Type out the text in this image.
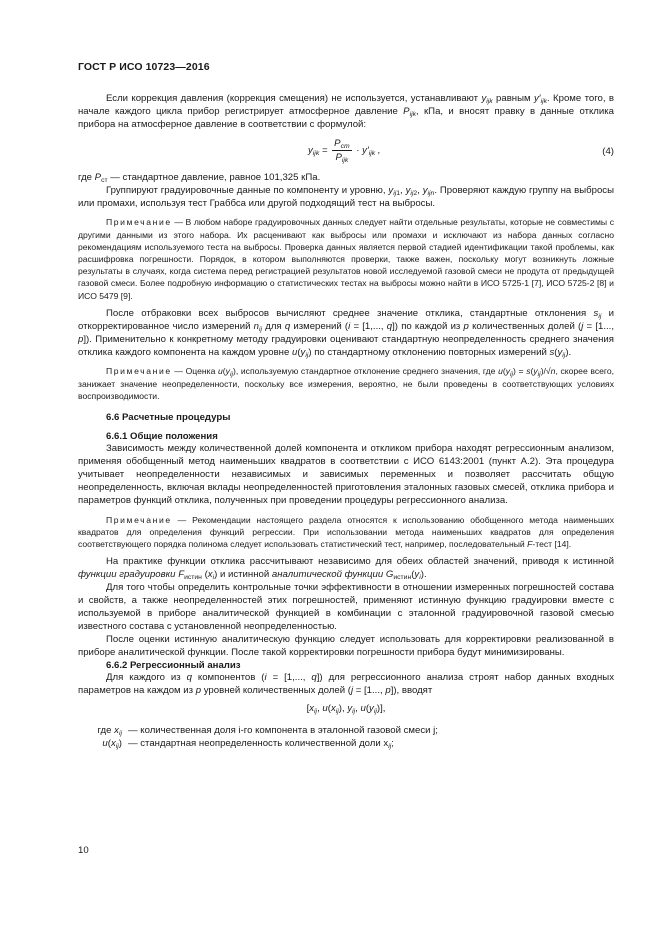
ГОСТ Р ИСО 10723—2016

Если коррекция давления (коррекция смещения) не используется, устанавливают $y_{ijk}$ равным $y'_{ijk}$. Кроме того, в начале каждого цикла прибор регистрирует атмосферное давление $P_{ijk}$, кПа, и вносят правку в данные отклика прибора на атмосферное давление в соответствии с формулой:

$y_{ijk} = \frac{P_{ст}}{P_{ijk}} \cdot y'_{ijk}$ ,	(4)

где $P_{ст}$ — стандартное давление, равное 101,325 кПа.

Группируют градуировочные данные по компоненту и уровню, $y_{ij1}$, $y_{ij2}$, $y_{ijn}$. Проверяют каждую группу на выбросы или промахи, используя тест Граббса или другой подходящий тест на выбросы.

Примечание — В любом наборе градуировочных данных следует найти отдельные результаты, которые не совместимы с другими данными из этого набора. Их расценивают как выбросы или промахи и исключают из набора данных согласно рекомендациям используемого теста на выбросы. Проверка данных является первой стадией идентификации такой проблемы, как расшифровка погрешности. Порядок, в котором выполняются проверки, также важен, поскольку могут возникнуть ложные результаты в случаях, когда система перед регистрацией результатов новой исследуемой газовой смеси не продута от предыдущей газовой смеси. Более подробную информацию о статистических тестах на выбросы можно найти в ИСО 5725-1 [7], ИСО 5725-2 [8] и ИСО 5479 [9].

После отбраковки всех выбросов вычисляют среднее значение отклика, стандартные отклонения $s_{ij}$ и откорректированное число измерений $n_{ij}$ для q измерений (i = [1,..., q]) по каждой из p количественных долей (j = [1..., p]). Применительно к конкретному методу градуировки оценивают стандартную неопределенность среднего значения отклика каждого компонента на каждом уровне $u(y_{ij})$ по стандартному отклонению повторных измерений $s(y_{ij})$.

Примечание — Оценка $u(y_{ij})$, используемую стандартное отклонение среднего значения, где $u(y_{ij}) = s(y_{ij})/√n$, скорее всего, занижает значение неопределенности, поскольку все измерения, вероятно, не были проведены в соответствующих условиях воспроизводимости.

6.6 Расчетные процедуры
6.6.1 Общие положения

Зависимость между количественной долей компонента и откликом прибора находят регрессионным анализом, применяя обобщенный метод наименьших квадратов в соответствии с ИСО 6143:2001 (пункт А.2). Эта процедура учитывает неопределенности независимых и зависимых переменных и позволяет рассчитать общую неопределенность, включая вклады неопределенностей приготовления эталонных газовых смесей, отклика прибора и параметров функций отклика, полученных при проведении процедуры регрессионного анализа.

Примечание — Рекомендации настоящего раздела относятся к использованию обобщенного метода наименьших квадратов для определения функций регрессии. При использовании метода наименьших квадратов для определения соответствующего порядка полинома следует использовать статистический тест, например, последовательный F-тест [14].

На практике функции отклика рассчитывают независимо для обеих областей значений, приводя к истинной функции градуировки $F_{истин}$ $(x_i)$ и истинной аналитической функции $G_{истин}(y_i)$.

Для того чтобы определить контрольные точки эффективности в отношении измеренных погрешностей состава и свойств, а также неопределенностей этих погрешностей, применяют истинную функцию градуировки вместе с используемой в приборе аналитической функцией в комбинации с эталонной градуировочной газовой смесью известного состава с установленной неопределенностью.

После оценки истинную аналитическую функцию следует использовать для корректировки реализованной в приборе аналитической функции. После такой корректировки погрешности прибора будут минимизированы.

6.6.2 Регрессионный анализ

Для каждого из q компонентов (i = [1,..., q]) для регрессионного анализа строят набор данных входных параметров на каждом из p уровней количественных долей (j = [1..., p]), вводят

[$x_{ij}$, $u(x_{ij})$, $y_{ij}$, $u(y_{ij})$],
где $x_{ij}$ — количественная доля i-го компонента в эталонной газовой смеси j;
$u(x_{ij})$ — стандартная неопределенность количественной доли $x_{ij}$;
10
